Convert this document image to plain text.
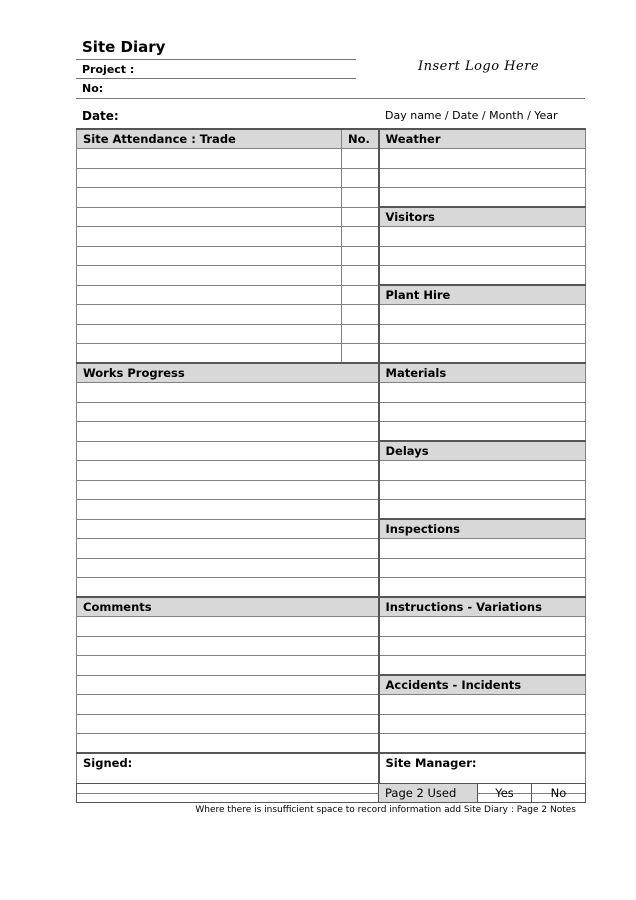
Site Diary
Project :
No:
Insert Logo Here
Date:	Day name / Date / Month / Year
Site Attendance : Trade	No.	Weather

		Visitors

		Plant Hire

Works Progress		Materials

		Delays

		Inspections

Comments		Instructions - Variations

		Accidents - Incidents

Signed:		Site Manager:
	Page 2 Used	Yes	No
Where there is insufficient space to record information add Site Diary : Page 2 Notes
